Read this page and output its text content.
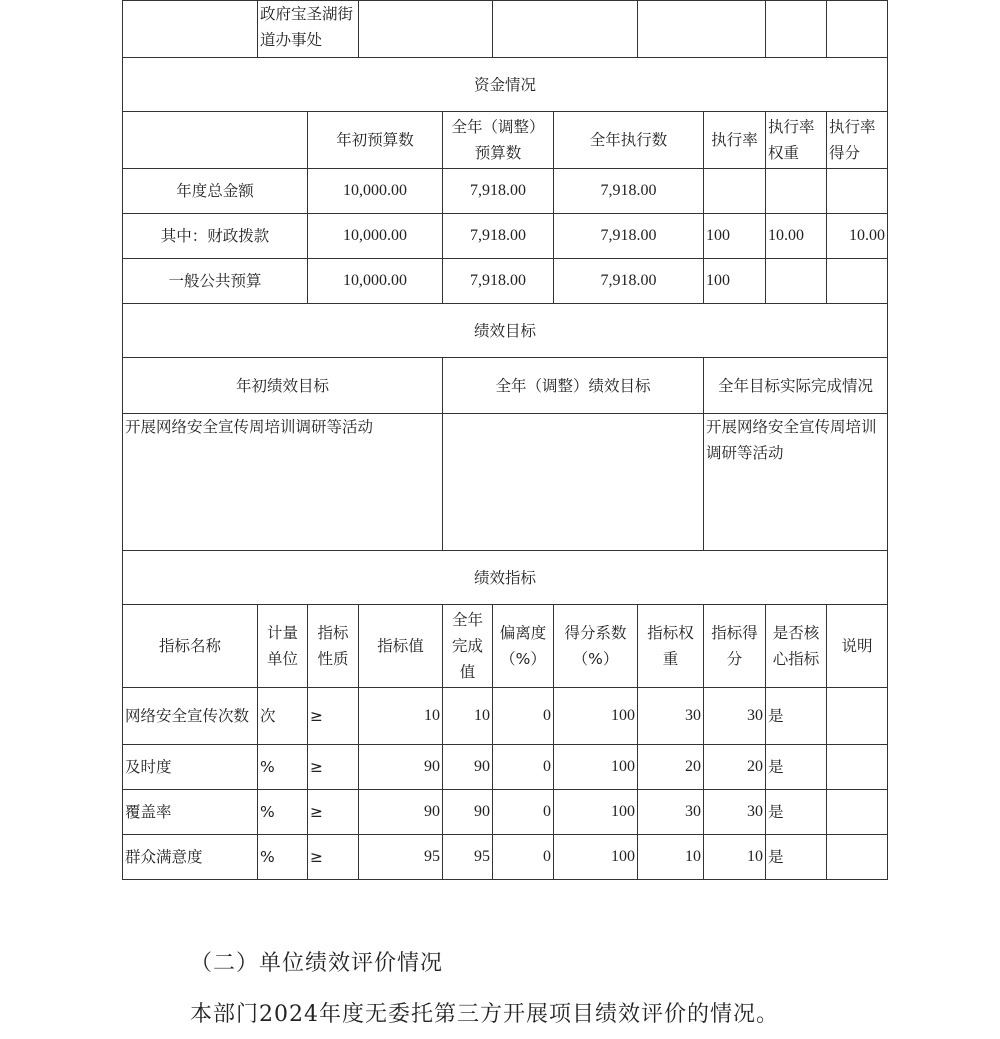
	政府宝圣湖街道办事处									
资金情况										
		年初预算数		全年（调整）预算数		全年执行数		执行率	执行率权重	执行率得分
年度总金额		10,000.00		7,918.00		7,918.00				
其中：财政拨款		10,000.00		7,918.00		7,918.00		100	10.00	10.00
一般公共预算		10,000.00		7,918.00		7,918.00		100		
绩效目标										
年初绩效目标				全年（调整）绩效目标				全年目标实际完成情况		
开展网络安全宣传周培训调研等活动								开展网络安全宣传周培训调研等活动		
绩效指标										
指标名称	计量单位	指标性质	指标值	全年完成值	偏离度（%）	得分系数（%）	指标权重	指标得分	是否核心指标	说明
网络安全宣传次数	次	≥	10	10	0	100	30	30	是	
及时度	%	≥	90	90	0	100	20	20	是	
覆盖率	%	≥	90	90	0	100	30	30	是	
群众满意度	%	≥	95	95	0	100	10	10	是	
（二）单位绩效评价情况
本部门2024年度无委托第三方开展项目绩效评价的情况。
